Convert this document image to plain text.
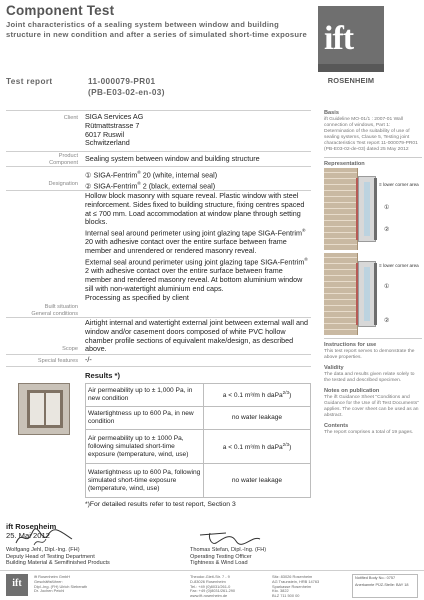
Component Test
Joint characteristics of a sealing system between window and building structure in new condition and after a series of simulated short-time exposure
Test report	11-000079-PR01
(PB-E03-02-en-03)
ift
ROSENHEIM
Client SIGA Services AG
Rütmattstrasse 7
6017 Ruswil
Schwitzerland
Product
Component Sealing system between window and building structure
Designation
① SIGA-Fentrim® 20 (white, internal seal)
② SIGA-Fentrim® 2 (black, external seal)
Built situation
General conditions
Hollow block masonry with square reveal. Plastic window with steel reinforcement. Sides fixed to building structure, fixing centres spaced at ≤ 700 mm. Load accommodation at window plane through setting blocks.
Internal seal around perimeter using joint glazing tape SIGA-Fentrim® 20 with adhesive contact over the entire surface between frame member and unrendered or rendered masonry reveal.
External seal around perimeter using joint glazing tape SIGA-Fentrim® 2 with adhesive contact over the entire surface between frame member and rendered masonry reveal. At bottom aluminium window sill with non-watertight aluminium end caps.
Processing as specified by client
Scope
Airtight internal and watertight external joint between external wall and window and/or casement doors composed of white PVC hollow chamber profile sections of equivalent make/design, as described above.
Special features -/-
Results *)
Air permeability up to ± 1,000 Pa, in new condition	a < 0.1 m³/m h daPa$^{2/3}$)
Watertightness up to 600 Pa, in new condition	no water leakage
Air permeability up to ± 1000 Pa, following simulated short-time exposure (temperature, wind, use)	a < 0.1 m³/m h daPa$^{2/3}$)
Watertightness up to 600 Pa, following simulated short-time exposure (temperature, wind, use)	no water leakage
*)For detailed results refer to test report, Section 3
ift Rosenheim
25. Mai 2012
Wolfgang Jehl, Dipl.-Ing. (FH)
Deputy Head of Testing Department
Building Material & Semifinished Products
Thomas Stefan, Dipl.-Ing. (FH)
Operating Testing Officer
Tightness & Wind Load
Basis

ift Guideline MO-01/1 : 2007-01 Wall connection of windows, Part 1: Determination of the suitability of use of sealing systems, Clause 5, Testing joint characteristics Test report 11-000079-PR01 (PB-E03-02-de-03) dated 25 May 2012

Representation
≡ lower corner area
①
②
≡ lower corner area
①
②
Instructions for use

This test report serves to demonstrate the above properties.

Validity

The data and results given relate solely to the tested and described specimen.

Notes on publication

The ift Guidance Sheet "Conditions and Guidance for the Use of ift Test Documents" applies. The cover sheet can be used as an abstract.

Contents

The report comprises a total of 19 pages.

ift
ift Rosenheim GmbH
Geschäftsführer:
Dipl.-Ing. (FH) Ulrich Sieberath
Dr. Jochen Peichl
Theodor-Gietl-Str. 7 - 9
D-83026 Rosenheim
Tel.: +49 (0)8031/261-0
Fax: +49 (0)8031/261-290
www.ift-rosenheim.de
Sitz: 83026 Rosenheim
AG Traunstein, HRB 14763
Sparkasse Rosenheim
Kto. 3822
BLZ 711 500 00
Notified Body No.: 0757
Anerkannte PÜZ-Stelle: BAY 18
